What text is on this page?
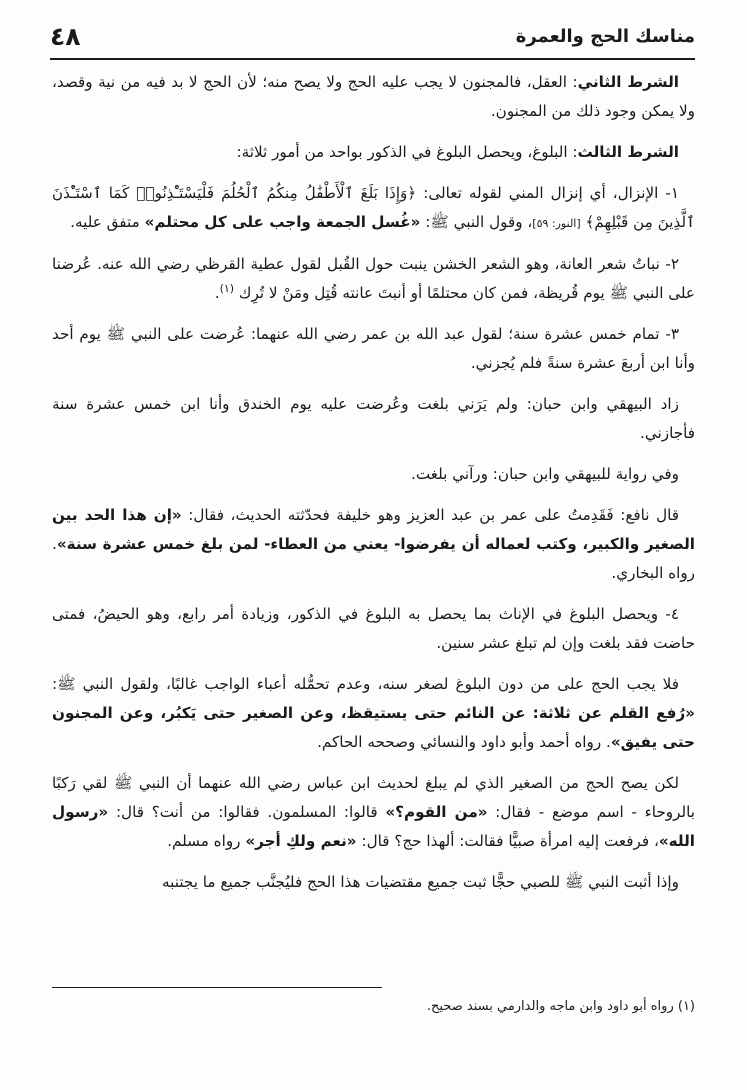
٤٨	مناسك الحج والعمرة

الشرط الثاني: العقل، فالمجنون لا يجب عليه الحج ولا يصح منه؛ لأن الحج لا بد فيه من نية وقصد، ولا يمكن وجود ذلك من المجنون.

الشرط الثالث: البلوغ، ويحصل البلوغ في الذكور بواحد من أمور ثلاثة:

١- الإنزال، أي إنزال المني لقوله تعالى: ﴿وَإِذَا بَلَغَ ٱلْأَطْفَٰلُ مِنكُمُ ٱلْحُلُمَ فَلْيَسْتَـْٔذِنُوا۟ كَمَا ٱسْتَـْٔذَنَ ٱلَّذِينَ مِن قَبْلِهِمْ﴾ [النور: ٥٩]، وقول النبي ﷺ: «غُسل الجمعة واجب على كل محتلم» متفق عليه.

٢- نباتُ شعر العانة، وهو الشعر الخشن ينبت حول القُبل لقول عطية القرظي رضي الله عنه. عُرضنا على النبي ﷺ يوم قُريظة، فمن كان محتلمًا أو أنبتَ عانته قُتِل ومَنْ لا تُرِك $^{(١)}$.

٣- تمام خمس عشرة سنة؛ لقول عبد الله بن عمر رضي الله عنهما: عُرضت على النبي ﷺ يوم أحد وأنا ابن أربعَ عشرة سنةً فلم يُجزني.

زاد البيهقي وابن حبان: ولم يَرَني بلغت وعُرضت عليه يوم الخندق وأنا ابن خمس عشرة سنة فأجازني.

وفي رواية للبيهقي وابن حبان: ورآني بلغت.

قال نافع: فَقَدِمتُ على عمر بن عبد العزيز وهو خليفة فحدّثته الحديث، فقال: «إن هذا الحد بين الصغير والكبير، وكتب لعماله أن يفرضوا- يعني من العطاء- لمن بلغ خمس عشرة سنة». رواه البخاري.

٤- ويحصل البلوغ في الإناث بما يحصل به البلوغ في الذكور، وزيادة أمر رابع، وهو الحيضُ، فمتى حاضت فقد بلغت وإن لم تبلغ عشر سنين.

فلا يجب الحج على من دون البلوغ لصغر سنه، وعدم تحمُّله أعباء الواجب غالبًا، ولقول النبي ﷺ: «رُفع القلم عن ثلاثة: عن النائم حتى يستيقظ، وعن الصغير حتى يَكبُر، وعن المجنون حتى يفيق». رواه أحمد وأبو داود والنسائي وصححه الحاكم.

لكن يصح الحج من الصغير الذي لم يبلغ لحديث ابن عباس رضي الله عنهما أن النبي ﷺ لقي رَكبًا بالروحاء - اسم موضع - فقال: «من القوم؟» قالوا: المسلمون. فقالوا: من أنت؟ قال: «رسول الله»، فرفعت إليه امرأة صبيًّا فقالت: ألهذا حج؟ قال: «نعم ولكِ أجر» رواه مسلم.

وإذا أثبت النبي ﷺ للصبي حجًّا ثبت جميع مقتضيات هذا الحج فليُجنَّب جميع ما يجتنبه

(١) رواه أبو داود وابن ماجه والدارمي بسند صحيح.
